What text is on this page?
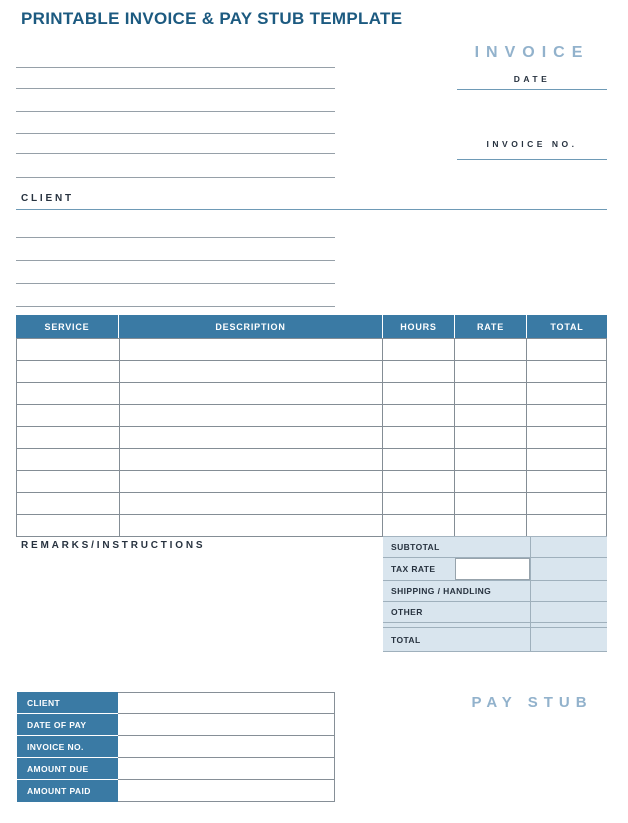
PRINTABLE INVOICE & PAY STUB TEMPLATE
INVOICE
DATE
INVOICE NO.
CLIENT
SERVICE	DESCRIPTION	HOURS	RATE	TOTAL
REMARKS/INSTRUCTIONS	SUBTOTAL
TAX RATE
SHIPPING / HANDLING
OTHER
TOTAL
CLIENT
DATE OF PAY
INVOICE NO.
AMOUNT DUE
AMOUNT PAID
PAY STUB
